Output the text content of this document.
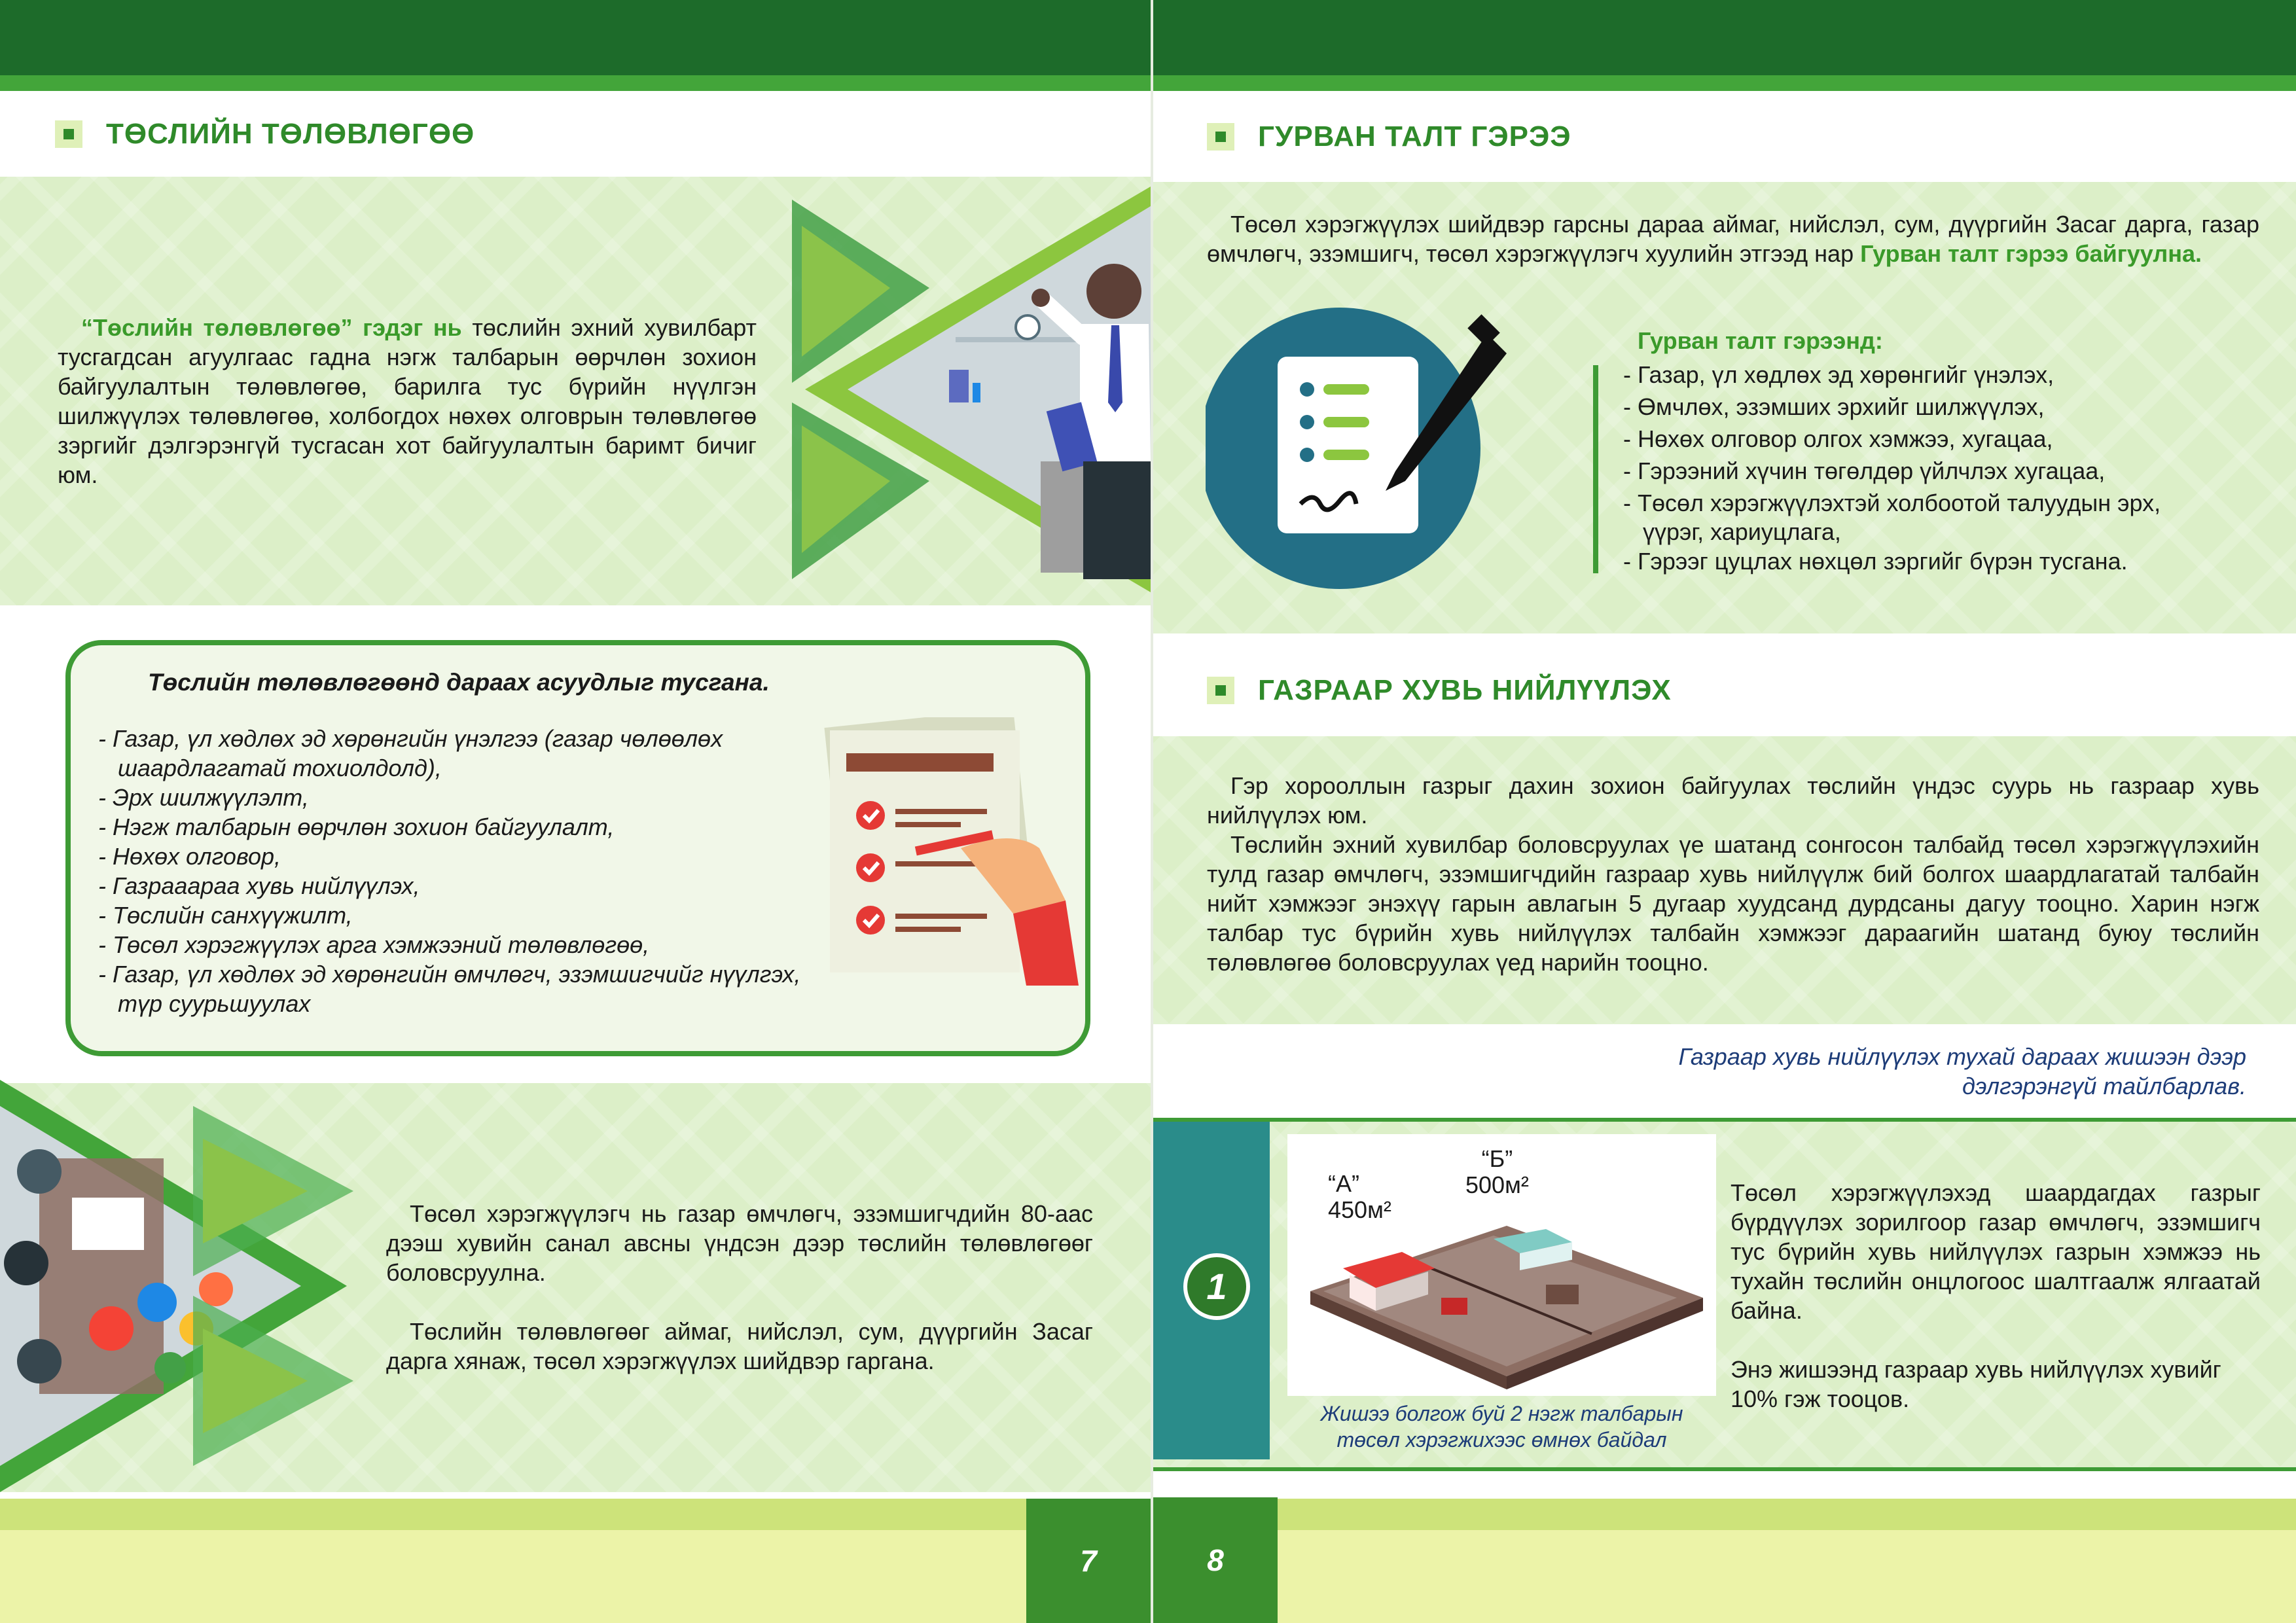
ТӨСЛИЙН ТӨЛӨВЛӨГӨӨ
“Төслийн төлөвлөгөө” гэдэг нь төслийн эхний хувилбарт тусгагдсан агуулгаас гадна нэгж талбарын өөрчлөн зохион байгуулалтын төлөвлөгөө, барилга тус бүрийн нүүлгэн шилжүүлэх төлөвлөгөө, холбогдох нөхөх олговрын төлөвлөгөө зэргийг дэлгэрэнгүй тусгасан хот байгуулалтын баримт бичиг юм.
Төслийн төлөвлөгөөнд дараах асуудлыг тусгана.
- Газар, үл хөдлөх эд хөрөнгийн үнэлгээ (газар чөлөөлөх
шаардлагатай тохиолдолд),
- Эрх шилжүүлэлт,
- Нэгж талбарын өөрчлөн зохион байгуулалт,
- Нөхөх олговор,
- Газрааараа хувь нийлүүлэх,
- Төслийн санхүүжилт,
- Төсөл хэрэгжүүлэх арга хэмжээний төлөвлөгөө,
- Газар, үл хөдлөх эд хөрөнгийн өмчлөгч, эзэмшигчийг нүүлгэх,
түр суурьшуулах

Төсөл хэрэгжүүлэгч нь газар өмчлөгч, эзэмшигчдийн 80-аас дээш хувийн санал авсны үндсэн дээр төслийн төлөвлөгөөг боловсруулна.

Төслийн төлөвлөгөөг аймаг, нийслэл, сум, дүүргийн Засаг дарга хянаж, төсөл хэрэгжүүлэх шийдвэр гаргана.

7
ГУРВАН ТАЛТ ГЭРЭЭ
Төсөл хэрэгжүүлэх шийдвэр гарсны дараа аймаг, нийслэл, сум, дүүргийн Засаг дарга, газар өмчлөгч, эзэмшигч, төсөл хэрэгжүүлэгч хуулийн этгээд нар Гурван талт гэрээ байгуулна.
Гурван талт гэрээнд:
- Газар, үл хөдлөх эд хөрөнгийг үнэлэх,
- Өмчлөх, эзэмших эрхийг шилжүүлэх,
- Нөхөх олговор олгох хэмжээ, хугацаа,
- Гэрээний хүчин төгөлдөр үйлчлэх хугацаа,
- Төсөл хэрэгжүүлэхтэй холбоотой талуудын эрх,
үүрэг, хариуцлага,
- Гэрээг цуцлах нөхцөл зэргийг бүрэн тусгана.
ГАЗРААР ХУВЬ НИЙЛҮҮЛЭХ

Гэр хорооллын газрыг дахин зохион байгуулах төслийн үндэс суурь нь газраар хувь нийлүүлэх юм.

Төслийн эхний хувилбар боловсруулах үе шатанд сонгосон талбайд төсөл хэрэгжүүлэхийн тулд газар өмчлөгч, эзэмшигчдийн газраар хувь нийлүүлж бий болгох шаардлагатай талбайн нийт хэмжээг энэхүү гарын авлагын 5 дугаар хуудсанд дурдсаны дагуу тооцно. Харин нэгж талбар тус бүрийн хувь нийлүүлэх талбайн хэмжээг дараагийн шатанд буюу төслийн төлөвлөгөө боловсруулах үед нарийн тооцно.

Газраар хувь нийлүүлэх тухай дараах жишээн дээр
дэлгэрэнгүй тайлбарлав.
1
“А”
450м²
“Б”
500м²
Жишээ болгож буй 2 нэгж талбарын
төсөл хэрэгжихээс өмнөх байдал

Төсөл хэрэгжүүлэхэд шаардагдах газрыг бүрдүүлэх зорилгоор газар өмчлөгч, эзэмшигч тус бүрийн хувь нийлүүлэх газрын хэмжээ нь тухайн төслийн онцлогоос шалтгаалж ялгаатай байна.

Энэ жишээнд газраар хувь нийлүүлэх хувийг 10% гэж тооцов.

8
